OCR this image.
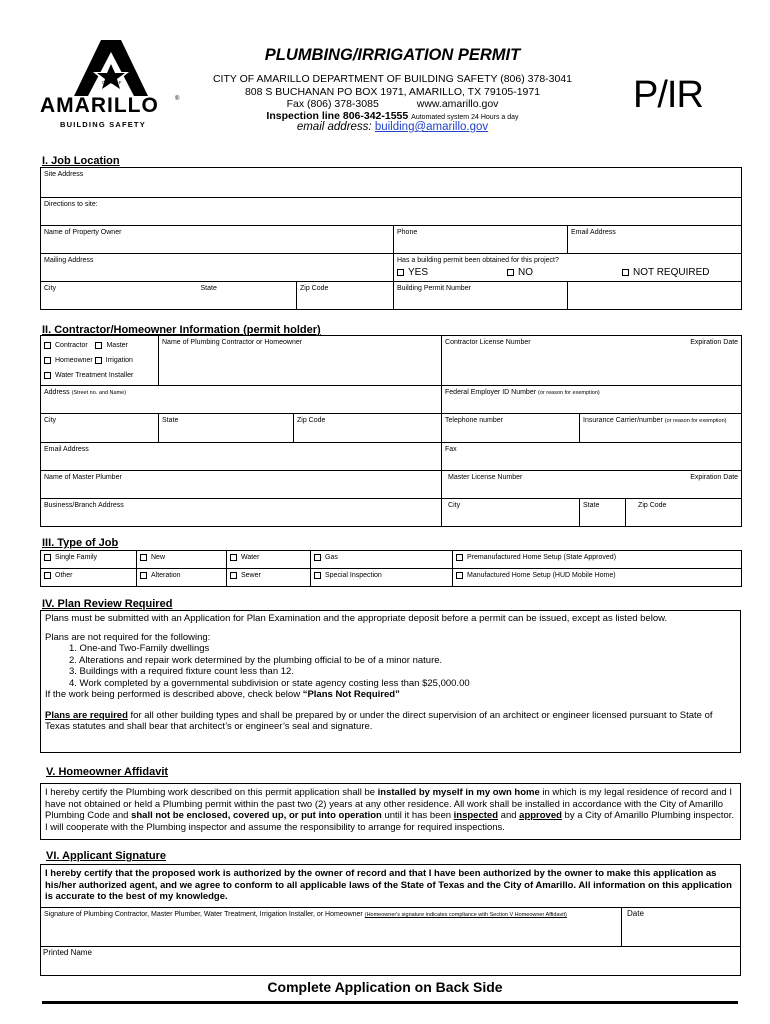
CITY OF
AMARILLO	®
BUILDING SAFETY
PLUMBING/IRRIGATION PERMIT
CITY OF AMARILLO DEPARTMENT OF BUILDING SAFETY (806) 378-3041
808 S BUCHANAN PO BOX 1971, AMARILLO, TX 79105-1971
Fax (806) 378-3085	www.amarillo.gov
Inspection line 806-342-1555 Automated system 24 Hours a day
email address: building@amarillo.gov
P/IR
I. Job Location
Site Address				
Directions to site:				
Name of Property Owner			Phone	Email Address
Mailing Address			Has a building permit been obtained for this project?
YES NO NOT REQUIRED	

City	State	Zip Code	Building Permit Number	
II. Contractor/Homeowner Information (permit holder)
Contractor Master
Homeowner Irrigation
Water Treatment Installer	Name of Plumbing Contractor or Homeowner		Contractor License Number		Expiration Date
Address (Street no. and Name)			Federal Employer ID Number (or reason for exemption)		
City	State	Zip Code	Telephone number	Insurance Carrier/number (or reason for exemption)	
Email Address			Fax		
Name of Master Plumber			Master License Number		Expiration Date
Business/Branch Address			City	State	Zip Code
III. Type of Job
Single Family	New	Water	Gas	Premanufactured Home Setup (State Approved)
Other	Alteration	Sewer	Special Inspection	Manufactured Home Setup (HUD Mobile Home)
IV. Plan Review Required
Plans must be submitted with an Application for Plan Examination and the appropriate deposit before a permit can be issued, except as listed below.
Plans are not required for the following:
1. One-and Two-Family dwellings
2. Alterations and repair work determined by the plumbing official to be of a minor nature.
3. Buildings with a required fixture count less than 12.
4. Work completed by a governmental subdivision or state agency costing less than $25,000.00
If the work being performed is described above, check below “Plans Not Required”
Plans are required for all other building types and shall be prepared by or under the direct supervision of an architect or engineer licensed pursuant to State of Texas statutes and shall bear that architect’s or engineer’s seal and signature.
V. Homeowner Affidavit
I hereby certify the Plumbing work described on this permit application shall be installed by myself in my own home in which is my legal residence of record and I have not obtained or held a Plumbing permit within the past two (2) years at any other residence. All work shall be installed in accordance with the City of Amarillo Plumbing Code and shall not be enclosed, covered up, or put into operation until it has been inspected and approved by a City of Amarillo Plumbing inspector. I will cooperate with the Plumbing inspector and assume the responsibility to arrange for required inspections.
VI. Applicant Signature
I hereby certify that the proposed work is authorized by the owner of record and that I have been authorized by the owner to make this application as his/her authorized agent, and we agree to conform to all applicable laws of the State of Texas and the City of Amarillo. All information on this application is accurate to the best of my knowledge.
Signature of Plumbing Contractor, Master Plumber, Water Treatment, Irrigation Installer, or Homeowner (Homeowner's signature indicates compliance with Section V Homeowner Affidavit)	Date
Printed Name
Complete Application on Back Side
